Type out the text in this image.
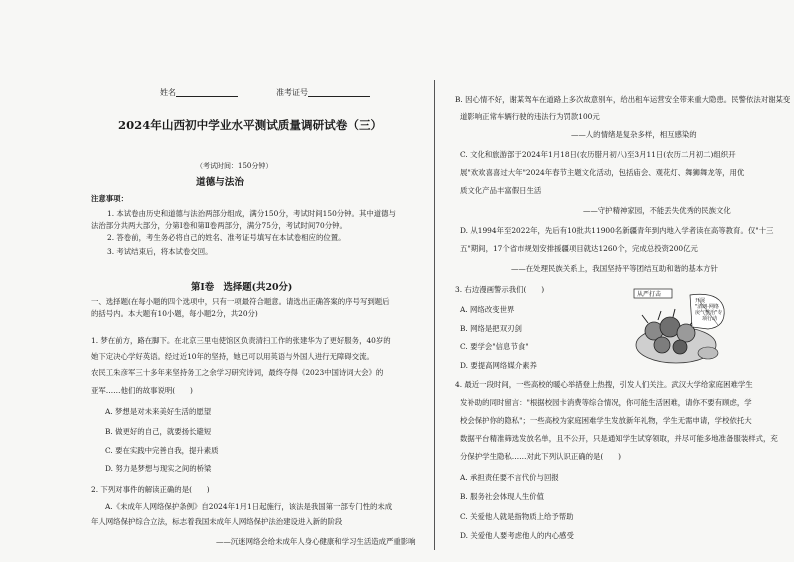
姓名	准考证号
2024年山西初中学业水平测试质量调研试卷（三）
（考试时间：150分钟）
道德与法治
注意事项：
1. 本试卷由历史和道德与法治两部分组成，满分150分，考试时间150分钟。其中道德与
法治部分共两大部分，分第Ⅰ卷和第Ⅱ卷两部分，满分75分，考试时间70分钟。
2. 答卷前，考生务必将自己的姓名、准考证号填写在本试卷相应的位置。
3. 考试结束后，将本试卷交回。
第Ⅰ卷　选择题(共20分)
一、选择题(在每小题的四个选项中，只有一项最符合题意。请选出正确答案的序号写到题后
的括号内。本大题有10小题，每小题2分，共20分)
1. 梦在前方，路在脚下。在北京三里屯使馆区负责清扫工作的张建华为了更好服务，40岁的
她下定决心学好英语。经过近10年的坚持，她已可以用英语与外国人进行无障碍交流。
农民工朱彦军三十多年来坚持务工之余学习研究诗词，最终夺得《2023中国诗词大会》的
亚军……他们的故事说明(　　)
A. 梦想是对未来美好生活的愿望
B. 做更好的自己，就要扬长避短
C. 要在实践中完善自我，提升素质
D. 努力是梦想与现实之间的桥梁
2. 下列对事件的解读正确的是(　　)
A.《未成年人网络保护条例》自2024年1月1日起施行，该法是我国第一部专门性的未成
年人网络保护综合立法，标志着我国未成年人网络保护法治建设进入新的阶段
——沉迷网络会给未成年人身心健康和学习生活造成严重影响
B. 因心情不好，谢某驾车在道路上多次故意别车，给出租车运营安全带来重大隐患。民警依法对谢某变
道影响正常车辆行驶的违法行为罚款100元
——人的情绪是复杂多样，相互感染的
C. 文化和旅游部于2024年1月18日(农历腊月初八)至3月11日(农历二月初二)组织开
展"欢欢喜喜过大年"2024年春节主题文化活动，包括庙会、观花灯、舞狮舞龙等，用优
质文化产品丰富假日生活
——守护精神家园，不能丢失优秀的民族文化
D. 从1994年至2022年，先后有10批共11900名新疆青年到内地入学者读在高等教育。仅"十三
五"期间，17个省市规划安排援疆项目就达1260个，完成总投资200亿元
——在处理民族关系上，我国坚持平等团结互助和谐的基本方针
3. 右边漫画警示我们(　　)
A. 网络改变世界
B. 网络是把双刃剑
C. 要学会"信息节食"
D. 要提高网络媒介素养
从严打击
开展
"清朗·网络
戾气整治"专
项行动
4. 最近一段时间，一些高校的暖心举措登上热搜，引发人们关注。武汉大学给家庭困难学生
发补助的同时留言："根据校园卡消费等综合情况，你可能生活困难，请你不要有顾虑，学
校会保护你的隐私"；一些高校为家庭困难学生发放新年礼物，学生无需申请，学校依托大
数据平台精准筛选发放名单，且不公开，只是通知学生试穿领取，并尽可能多地准备服装样式，充
分保护学生隐私……对此下列认识正确的是(　　)
A. 承担责任要不言代价与回报
B. 服务社会体现人生价值
C. 关爱他人就是指物质上给予帮助
D. 关爱他人要考虑他人的内心感受
